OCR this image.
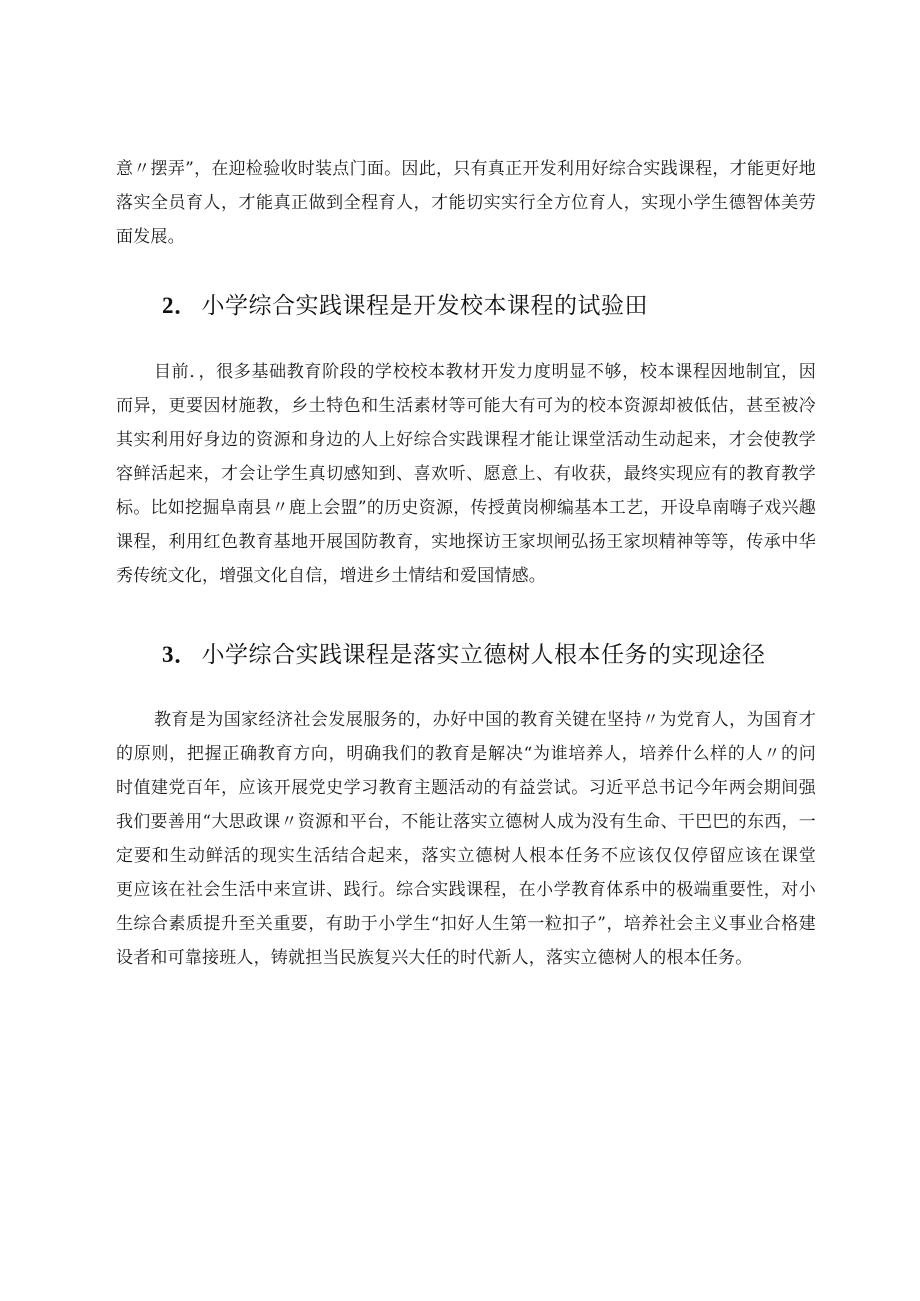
意〃摆弄”，在迎检验收时装点门面。因此，只有真正开发利用好综合实践课程，才能更好地

落实全员育人，才能真正做到全程育人，才能切实实行全方位育人，实现小学生德智体美劳

面发展。

2． 小学综合实践课程是开发校本课程的试验田

目前．，很多基础教育阶段的学校校本教材开发力度明显不够，校本课程因地制宜，因

而异，更要因材施教，乡土特色和生活素材等可能大有可为的校本资源却被低估，甚至被冷

其实利用好身边的资源和身边的人上好综合实践课程才能让课堂活动生动起来，才会使教学

容鲜活起来，才会让学生真切感知到、喜欢听、愿意上、有收获，最终实现应有的教育教学

标。比如挖掘阜南县〃鹿上会盟”的历史资源，传授黄岗柳编基本工艺，开设阜南嗨子戏兴趣

课程，利用红色教育基地开展国防教育，实地探访王家坝闸弘扬王家坝精神等等，传承中华

秀传统文化，增强文化自信，增进乡土情结和爱国情感。

3． 小学综合实践课程是落实立德树人根本任务的实现途径

教育是为国家经济社会发展服务的，办好中国的教育关键在坚持〃为党育人，为国育才

的原则，把握正确教育方向，明确我们的教育是解决“为谁培养人，培养什么样的人〃的问

时值建党百年，应该开展党史学习教育主题活动的有益尝试。习近平总书记今年两会期间强

我们要善用“大思政课〃资源和平台，不能让落实立德树人成为没有生命、干巴巴的东西，一

定要和生动鲜活的现实生活结合起来，落实立德树人根本任务不应该仅仅停留应该在课堂

更应该在社会生活中来宣讲、践行。综合实践课程，在小学教育体系中的极端重要性，对小

生综合素质提升至关重要，有助于小学生“扣好人生第一粒扣子”，培养社会主义事业合格建

设者和可靠接班人，铸就担当民族复兴大任的时代新人，落实立德树人的根本任务。
